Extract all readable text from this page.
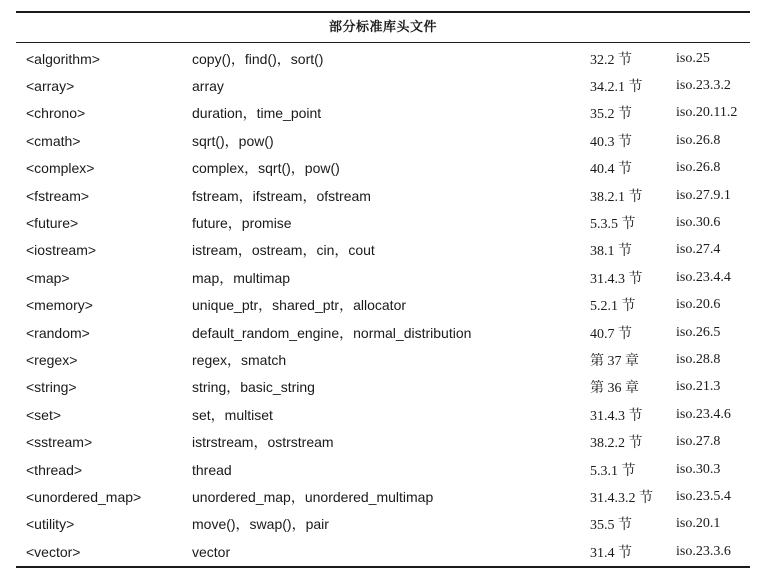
部分标准库头文件
<algorithm>	copy()，find()，sort()	32.2 节	iso.25
<array>	array	34.2.1 节	iso.23.3.2
<chrono>	duration，time_point	35.2 节	iso.20.11.2
<cmath>	sqrt()，pow()	40.3 节	iso.26.8
<complex>	complex，sqrt()，pow()	40.4 节	iso.26.8
<fstream>	fstream，ifstream，ofstream	38.2.1 节	iso.27.9.1
<future>	future，promise	5.3.5 节	iso.30.6
<iostream>	istream，ostream，cin，cout	38.1 节	iso.27.4
<map>	map，multimap	31.4.3 节	iso.23.4.4
<memory>	unique_ptr，shared_ptr，allocator	5.2.1 节	iso.20.6
<random>	default_random_engine，normal_distribution	40.7 节	iso.26.5
<regex>	regex，smatch	第 37 章	iso.28.8
<string>	string，basic_string	第 36 章	iso.21.3
<set>	set，multiset	31.4.3 节	iso.23.4.6
<sstream>	istrstream，ostrstream	38.2.2 节	iso.27.8
<thread>	thread	5.3.1 节	iso.30.3
<unordered_map>	unordered_map，unordered_multimap	31.4.3.2 节	iso.23.5.4
<utility>	move()，swap()，pair	35.5 节	iso.20.1
<vector>	vector	31.4 节	iso.23.3.6
